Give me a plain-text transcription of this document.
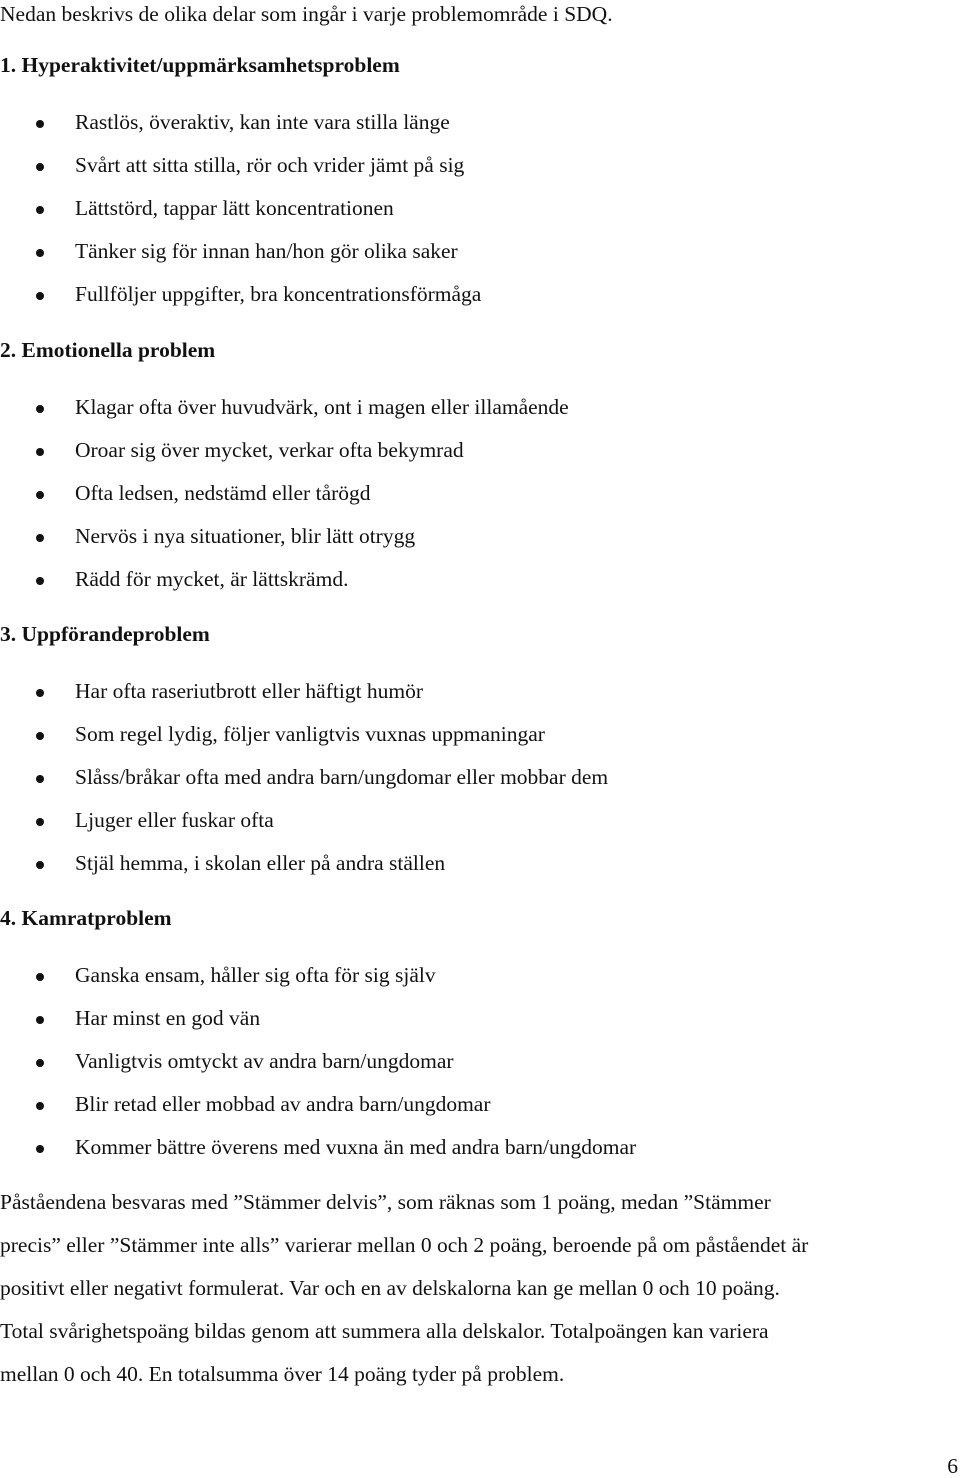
Nedan beskrivs de olika delar som ingår i varje problemområde i SDQ.
1. Hyperaktivitet/uppmärksamhetsproblem
Rastlös, överaktiv, kan inte vara stilla länge
Svårt att sitta stilla, rör och vrider jämt på sig
Lättstörd, tappar lätt koncentrationen
Tänker sig för innan han/hon gör olika saker
Fullföljer uppgifter, bra koncentrationsförmåga
2. Emotionella problem
Klagar ofta över huvudvärk, ont i magen eller illamående
Oroar sig över mycket, verkar ofta bekymrad
Ofta ledsen, nedstämd eller tårögd
Nervös i nya situationer, blir lätt otrygg
Rädd för mycket, är lättskrämd.
3. Uppförandeproblem
Har ofta raseriutbrott eller häftigt humör
Som regel lydig, följer vanligtvis vuxnas uppmaningar
Slåss/bråkar ofta med andra barn/ungdomar eller mobbar dem
Ljuger eller fuskar ofta
Stjäl hemma, i skolan eller på andra ställen
4. Kamratproblem
Ganska ensam, håller sig ofta för sig själv
Har minst en god vän
Vanligtvis omtyckt av andra barn/ungdomar
Blir retad eller mobbad av andra barn/ungdomar
Kommer bättre överens med vuxna än med andra barn/ungdomar
Påståendena besvaras med ”Stämmer delvis”, som räknas som 1 poäng, medan ”Stämmer
precis” eller ”Stämmer inte alls” varierar mellan 0 och 2 poäng, beroende på om påståendet är
positivt eller negativt formulerat. Var och en av delskalorna kan ge mellan 0 och 10 poäng.
Total svårighetspoäng bildas genom att summera alla delskalor. Totalpoängen kan variera
mellan 0 och 40. En totalsumma över 14 poäng tyder på problem.
6
